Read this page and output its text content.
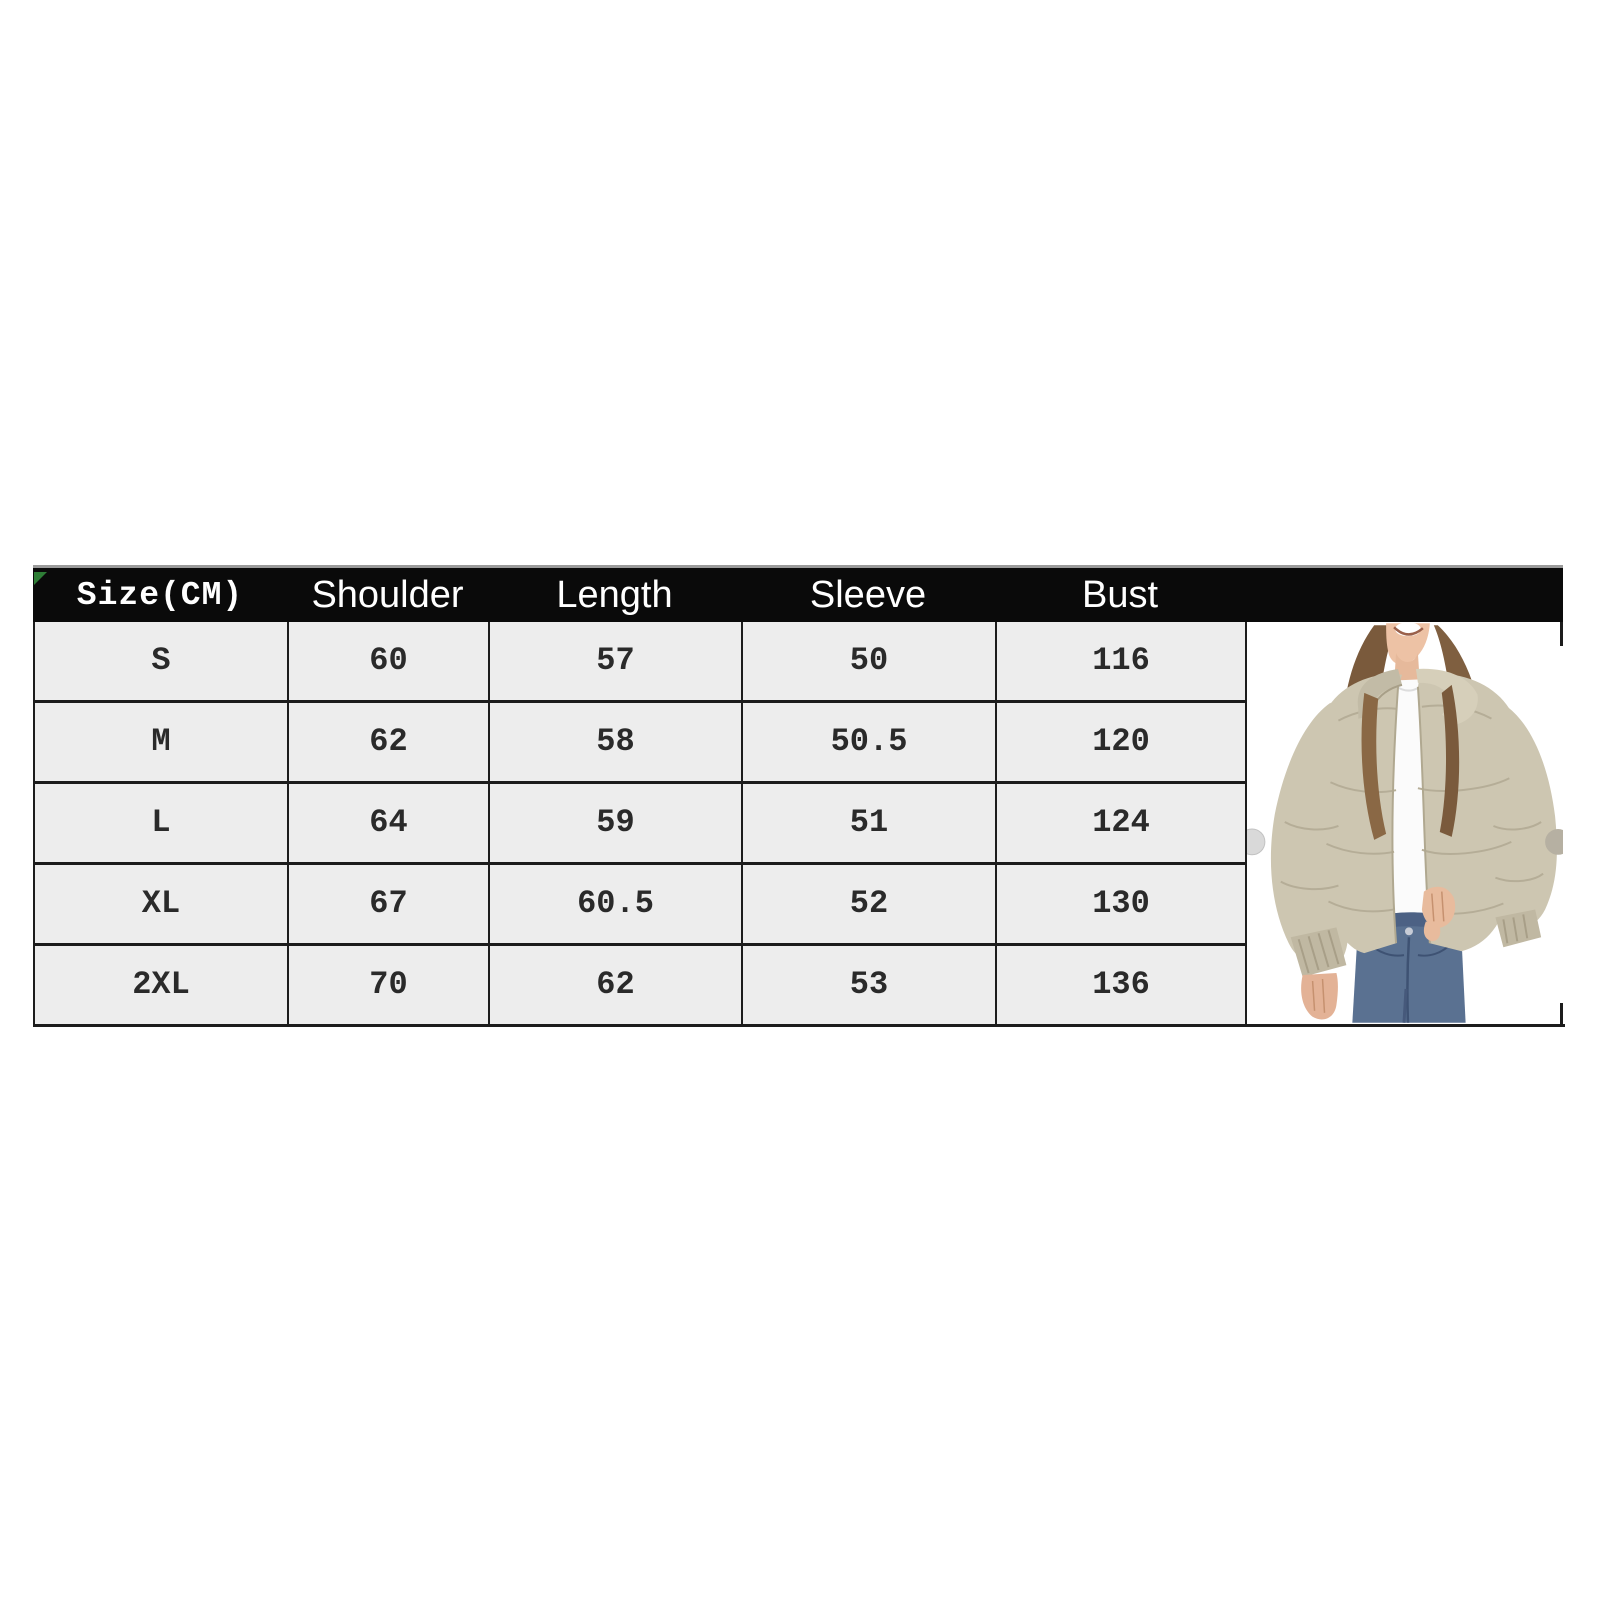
Size(CM)	Shoulder	Length	Sleeve	Bust
S	60	57	50	116
M	62	58	50.5	120
L	64	59	51	124
XL	67	60.5	52	130
2XL	70	62	53	136
